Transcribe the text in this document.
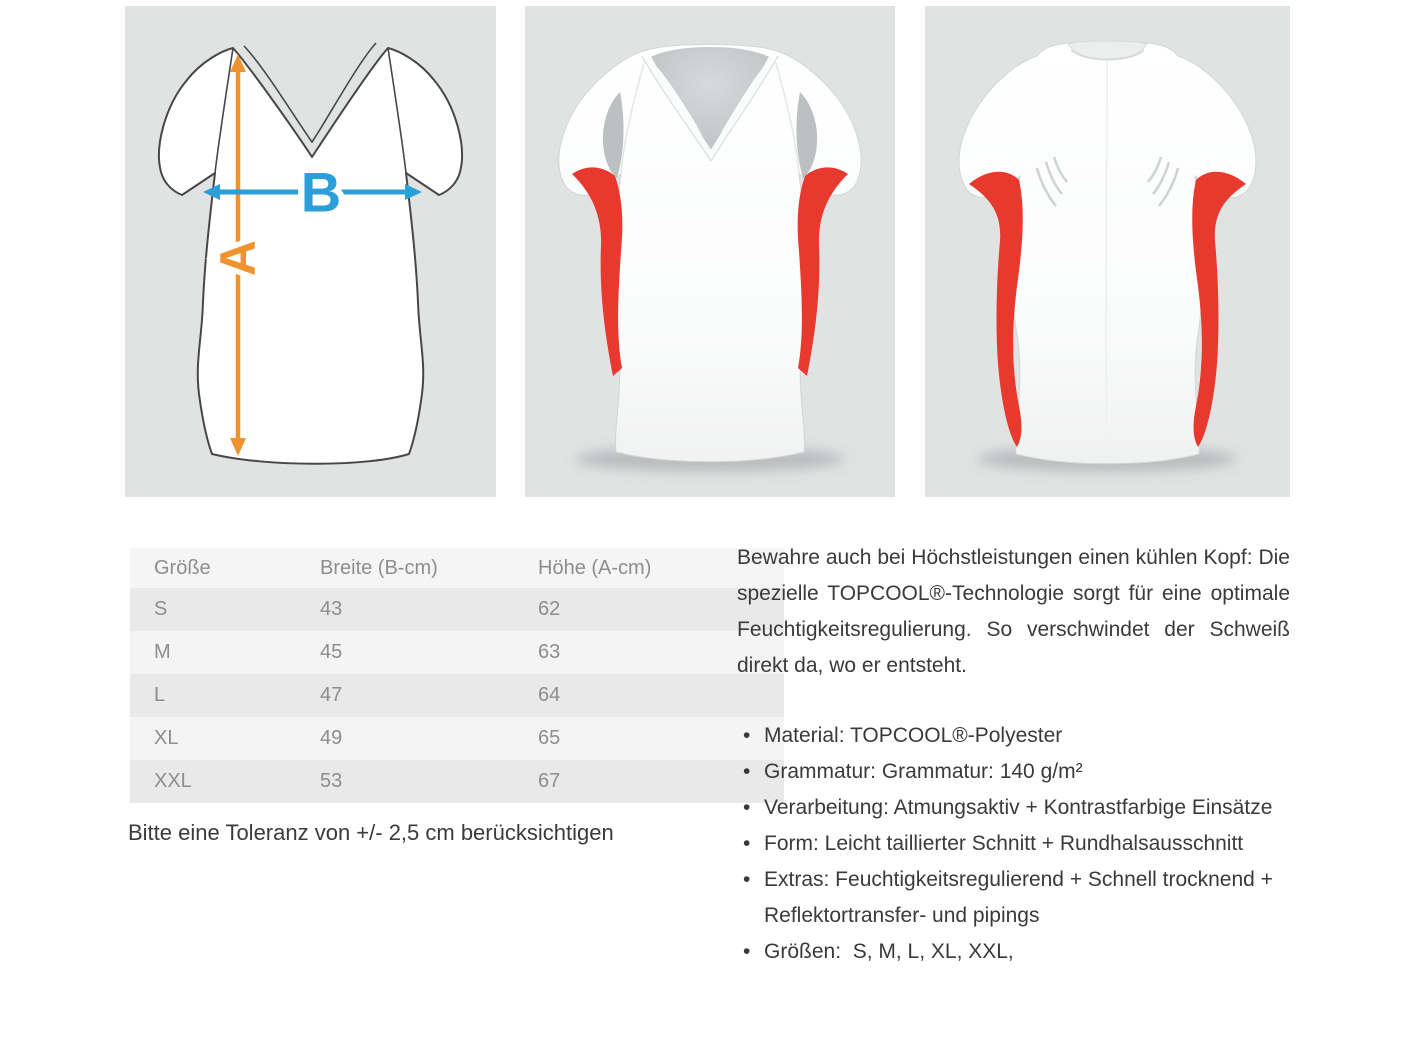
A
B
Größe	Breite (B-cm)	Höhe (A-cm)
S	43	62
M	45	63
L	47	64
XL	49	65
XXL	53	67
Bitte eine Toleranz von +/- 2,5 cm berücksichtigen

Bewahre auch bei Höchstleistungen einen kühlen Kopf: Die spezielle TOPCOOL®-Technologie sorgt für eine optimale Feuchtigkeitsregulierung. So verschwindet der Schweiß direkt da, wo er entsteht.

• Material: TOPCOOL®-Polyester
• Grammatur: Grammatur: 140 g/m²
• Verarbeitung: Atmungsaktiv + Kontrastfarbige Einsätze
• Form: Leicht taillierter Schnitt + Rundhalsausschnitt
• Extras: Feuchtigkeitsregulierend + Schnell trocknend + Reflektortransfer- und pipings
• Größen:  S, M, L, XL, XXL,
